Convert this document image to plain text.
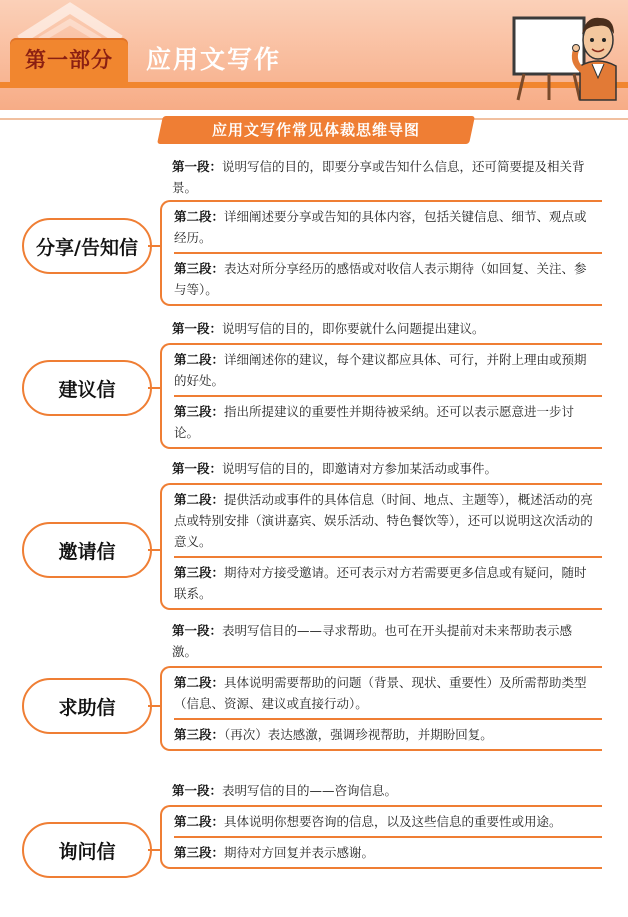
第一部分	应用文写作
应用文写作常见体裁思维导图
分享/告知信
第一段：说明写信的目的，即要分享或告知什么信息，还可简要提及相关背景。
第二段：详细阐述要分享或告知的具体内容，包括关键信息、细节、观点或经历。
第三段：表达对所分享经历的感悟或对收信人表示期待（如回复、关注、参与等）。
建议信
第一段：说明写信的目的，即你要就什么问题提出建议。
第二段：详细阐述你的建议，每个建议都应具体、可行，并附上理由或预期的好处。
第三段：指出所提建议的重要性并期待被采纳。还可以表示愿意进一步讨论。
邀请信
第一段：说明写信的目的，即邀请对方参加某活动或事件。
第二段：提供活动或事件的具体信息（时间、地点、主题等），概述活动的亮点或特别安排（演讲嘉宾、娱乐活动、特色餐饮等），还可以说明这次活动的意义。
第三段：期待对方接受邀请。还可表示对方若需要更多信息或有疑问，随时联系。
求助信
第一段：表明写信目的——寻求帮助。也可在开头提前对未来帮助表示感激。
第二段：具体说明需要帮助的问题（背景、现状、重要性）及所需帮助类型（信息、资源、建议或直接行动）。
第三段：（再次）表达感激，强调珍视帮助，并期盼回复。
询问信
第一段：表明写信的目的——咨询信息。
第二段：具体说明你想要咨询的信息，以及这些信息的重要性或用途。
第三段：期待对方回复并表示感谢。
